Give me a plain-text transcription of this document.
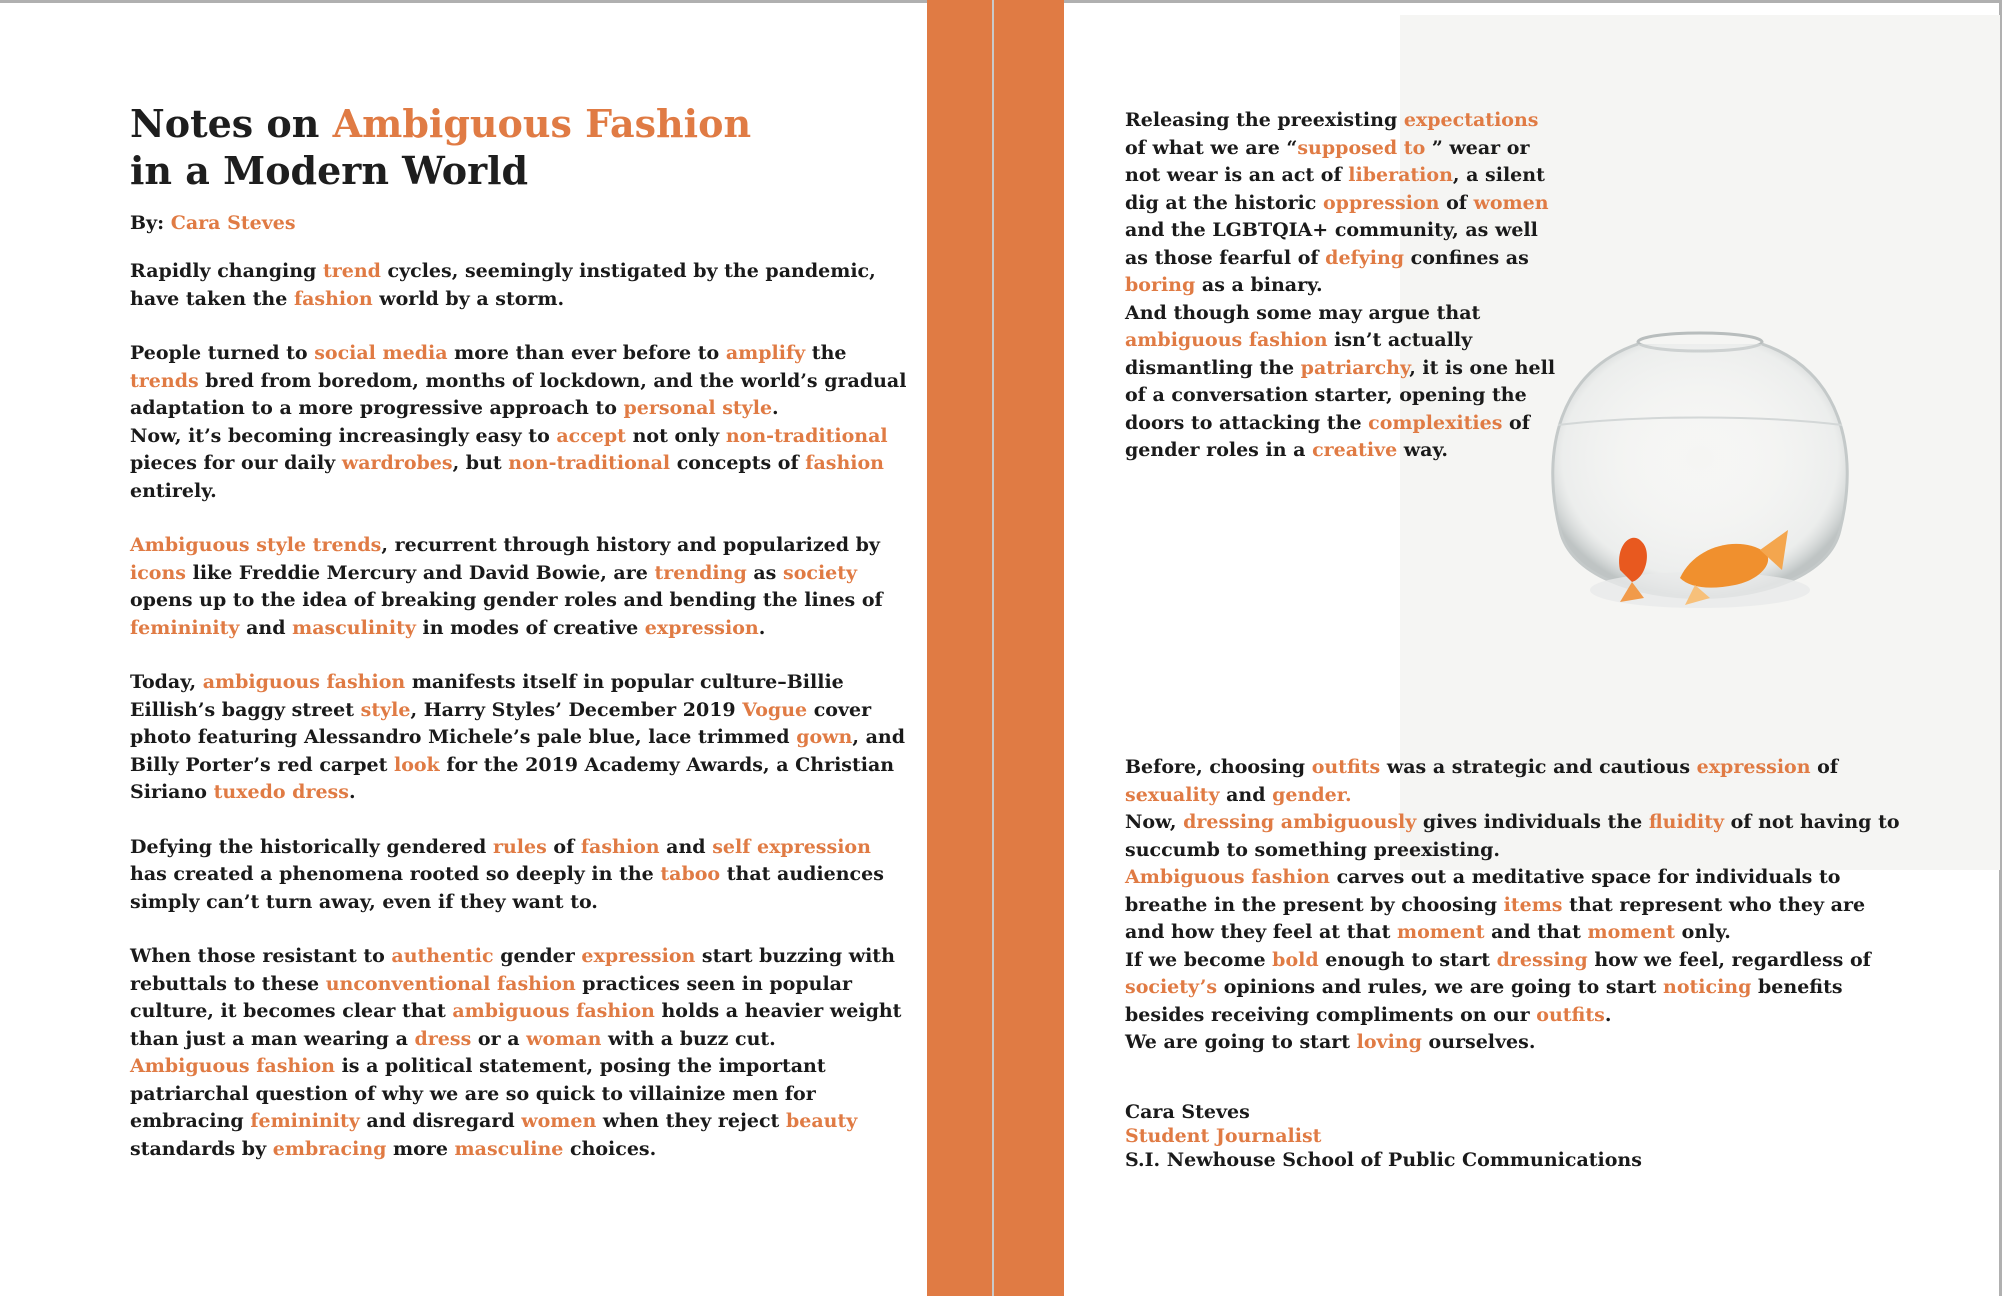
Notes on Ambiguous Fashion
in a Modern World
By: Cara Steves

Rapidly changing trend cycles, seemingly instigated by the pandemic, have taken the fashion world by a storm.

People turned to social media more than ever before to amplify the trends bred from boredom, months of lockdown, and the world’s gradual adaptation to a more progressive approach to personal style.
Now, it’s becoming increasingly easy to accept not only non-traditional pieces for our daily wardrobes, but non-traditional concepts of fashion entirely.

Ambiguous style trends, recurrent through history and popularized by icons like Freddie Mercury and David Bowie, are trending as society opens up to the idea of breaking gender roles and bending the lines of femininity and masculinity in modes of creative expression.

Today, ambiguous fashion manifests itself in popular culture–Billie Eillish’s baggy street style, Harry Styles’ December 2019 Vogue cover photo featuring Alessandro Michele’s pale blue, lace trimmed gown, and Billy Porter’s red carpet look for the 2019 Academy Awards, a Christian Siriano tuxedo dress.

Defying the historically gendered rules of fashion and self expression has created a phenomena rooted so deeply in the taboo that audiences simply can’t turn away, even if they want to.

When those resistant to authentic gender expression start buzzing with rebuttals to these unconventional fashion practices seen in popular culture, it becomes clear that ambiguous fashion holds a heavier weight than just a man wearing a dress or a woman with a buzz cut.
Ambiguous fashion is a political statement, posing the important patriarchal question of why we are so quick to villainize men for embracing femininity and disregard women when they reject beauty standards by embracing more masculine choices.

Releasing the preexisting expectations of what we are “supposed to ” wear or not wear is an act of liberation, a silent dig at the historic oppression of women and the LGBTQIA+ community, as well as those fearful of defying confines as boring as a binary.

And though some may argue that ambiguous fashion isn’t actually dismantling the patriarchy, it is one hell of a conversation starter, opening the doors to attacking the complexities of gender roles in a creative way.

Before, choosing outfits was a strategic and cautious expression of sexuality and gender.

Now, dressing ambiguously gives individuals the fluidity of not having to succumb to something preexisting.

Ambiguous fashion carves out a meditative space for individuals to breathe in the present by choosing items that represent who they are and how they feel at that moment and that moment only.

If we become bold enough to start dressing how we feel, regardless of society’s opinions and rules, we are going to start noticing benefits besides receiving compliments on our outfits.

We are going to start loving ourselves.

Cara Steves
Student Journalist
S.I. Newhouse School of Public Communications
